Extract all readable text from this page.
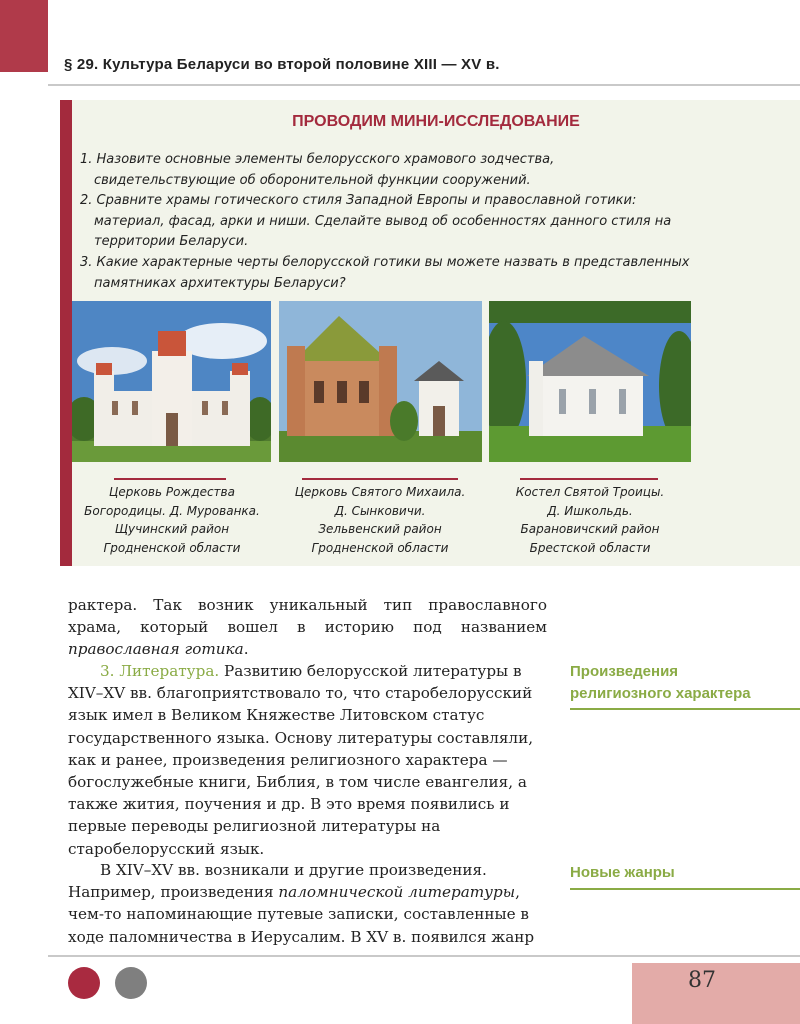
§ 29. Культура Беларуси во второй половине XIII — XV в.
ПРОВОДИМ МИНИ-ИССЛЕДОВАНИЕ
1. Назовите основные элементы белорусского храмового зодчества, свидетельствующие об оборонительной функции сооружений.
2. Сравните храмы готического стиля Западной Европы и православной готики: материал, фасад, арки и ниши. Сделайте вывод об особенностях данного стиля на территории Беларуси.
3. Какие характерные черты белорусской готики вы можете назвать в представленных памятниках архитектуры Беларуси?
Церковь Рождества
Богородицы. Д. Мурованка.
Щучинский район
Гродненской области
Церковь Святого Михаила.
Д. Сынковичи.
Зельвенский район
Гродненской области
Костел Святой Троицы.
Д. Ишкольдь.
Барановичский район
Брестской области
рактера. Так возник уникальный тип православного храма, который вошел в историю под названием православная готика.
3. Литература. Развитию белорусской литературы в XIV–XV вв. благоприятствовало то, что старобелорусский язык имел в Великом Княжестве Литовском статус государственного языка. Основу литературы составляли, как и ранее, произведения религиозного характера — богослужебные книги, Библия, в том числе евангелия, а также жития, поучения и др. В это время появились и первые переводы религиозной литературы на старобелорусский язык.
В XIV–XV вв. возникали и другие произведения. Например, произведения паломнической литературы, чем-то напоминающие путевые записки, составленные в ходе паломничества в Иерусалим. В XV в. появился жанр
Произведения
религиозного характера
Новые жанры
87
